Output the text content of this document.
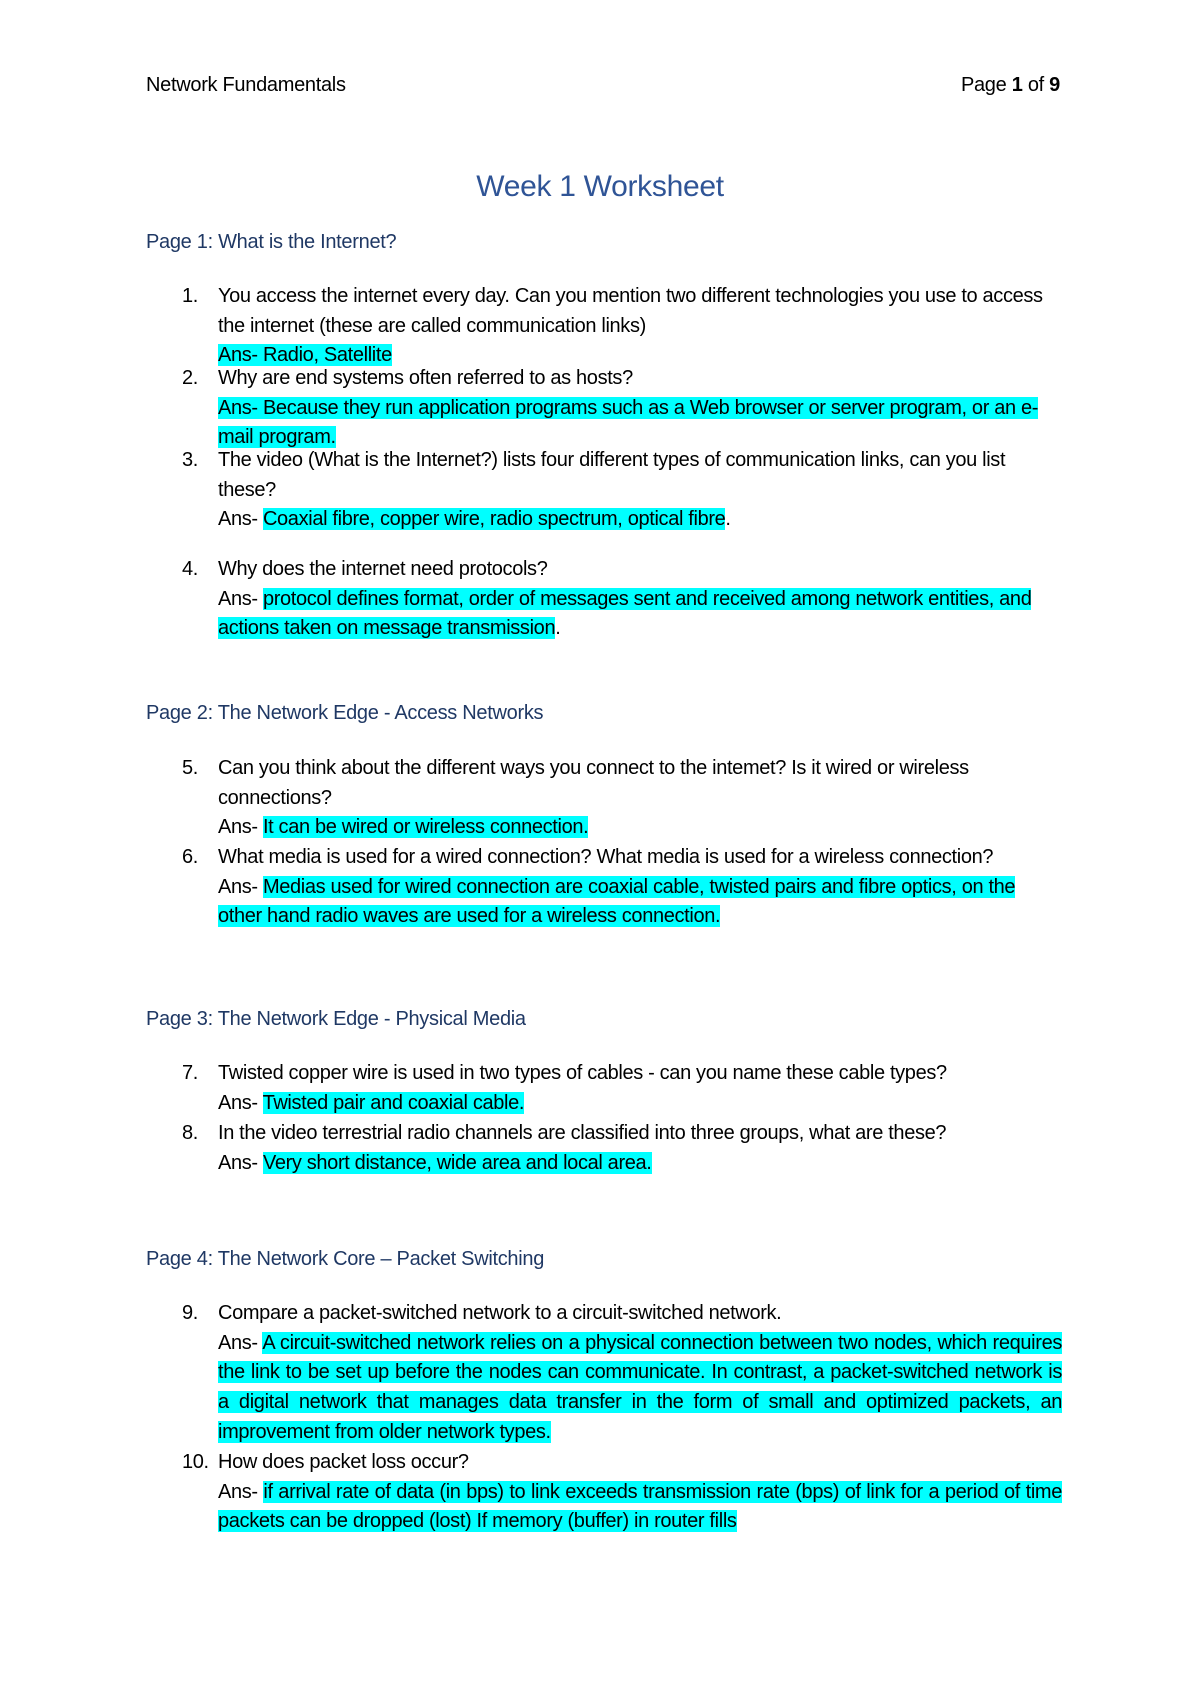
Network Fundamentals	Page 1 of 9
Week 1 Worksheet
Page 1: What is the Internet?
1.	You access the internet every day. Can you mention two different technologies you use to access the internet (these are called communication links)
Ans- Radio, Satellite
2.	Why are end systems often referred to as hosts?
Ans- Because they run application programs such as a Web browser or server program, or an e-mail program.
3.	The video (What is the Internet?) lists four different types of communication links, can you list these?
Ans- Coaxial fibre, copper wire, radio spectrum, optical fibre.
4.	Why does the internet need protocols?
Ans- protocol defines format, order of messages sent and received among network entities, and actions taken on message transmission.
Page 2: The Network Edge - Access Networks
5.	Can you think about the different ways you connect to the intemet? Is it wired or wireless connections?
Ans- It can be wired or wireless connection.
6.	What media is used for a wired connection? What media is used for a wireless connection?
Ans- Medias used for wired connection are coaxial cable, twisted pairs and fibre optics, on the other hand radio waves are used for a wireless connection.
Page 3: The Network Edge - Physical Media
7.	Twisted copper wire is used in two types of cables - can you name these cable types?
Ans- Twisted pair and coaxial cable.
8.	In the video terrestrial radio channels are classified into three groups, what are these?
Ans- Very short distance, wide area and local area.
Page 4: The Network Core – Packet Switching
9.	Compare a packet-switched network to a circuit-switched network.
Ans- A circuit-switched network relies on a physical connection between two nodes, which requires the link to be set up before the nodes can communicate. In contrast, a packet-switched network is a digital network that manages data transfer in the form of small and optimized packets, an improvement from older network types.
10. How does packet loss occur?
Ans- if arrival rate of data (in bps) to link exceeds transmission rate (bps) of link for a period of time packets can be dropped (lost) If memory (buffer) in router fills
